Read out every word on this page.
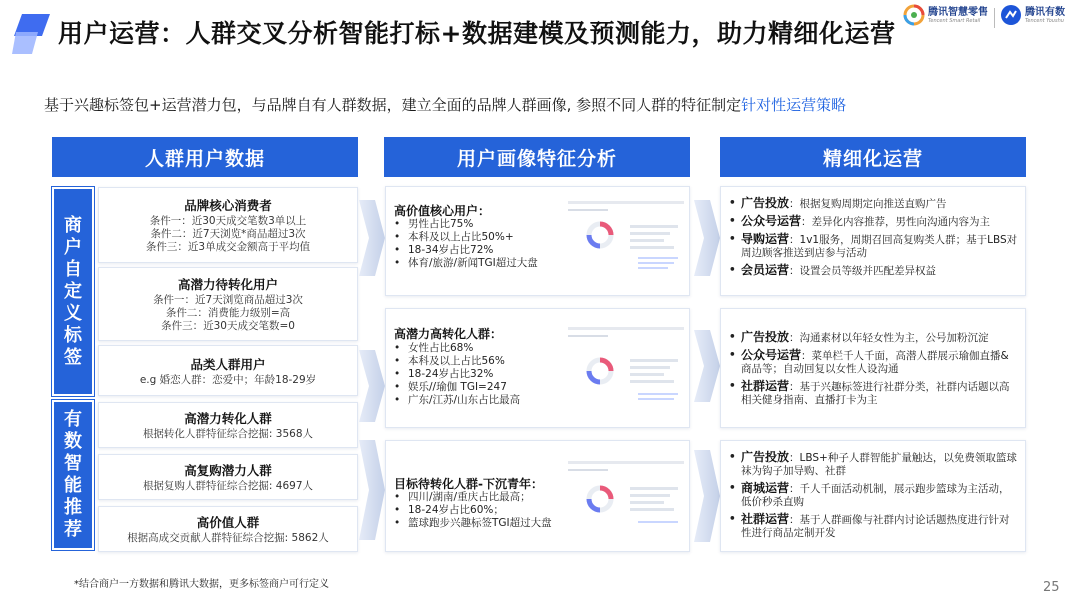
用户运营：人群交叉分析智能打标+数据建模及预测能力，助力精细化运营
腾讯智慧零售
Tencent Smart Retail
腾讯有数
Tencent Youshu
基于兴趣标签包+运营潜力包，与品牌自有人群数据，建立全面的品牌人群画像, 参照不同人群的特征制定针对性运营策略
人群用户数据	用户画像特征分析	精细化运营
商户自定义标签
有数智能推荐
品牌核心消费者
条件一：近30天成交笔数3单以上
条件二：近7天浏览*商品超过3次
条件三：近3单成交金额高于平均值
高潜力待转化用户
条件一：近7天浏览商品超过3次
条件二：消费能力级别=高
条件三：近30天成交笔数=0
品类人群用户
e.g 婚恋人群：恋爱中；年龄18-29岁
高潜力转化人群
根据转化人群特征综合挖掘: 3568人
高复购潜力人群
根据复购人群特征综合挖掘: 4697人
高价值人群
根据高成交贡献人群特征综合挖掘: 5862人
高价值核心用户：
• 男性占比75%
• 本科及以上占比50%+
• 18-34岁占比72%
• 体育/旅游/新闻TGI超过大盘
高潜力高转化人群：
• 女性占比68%
• 本科及以上占比56%
• 18-24岁占比32%
• 娱乐//瑜伽 TGI=247
• 广东/江苏/山东占比最高
目标待转化人群-下沉青年：
• 四川/湖南/重庆占比最高；
• 18-24岁占比60%；
• 篮球跑步兴趣标签TGI超过大盘
• 广告投放：根据复购周期定向推送直购广告
• 公众号运营：差异化内容推荐，男性向沟通内容为主
• 导购运营：1v1服务，周期召回高复购类人群；基于LBS对周边顾客推送到店参与活动
• 会员运营：设置会员等级并匹配差异权益
• 广告投放：沟通素材以年轻女性为主，公号加粉沉淀
• 公众号运营：菜单栏千人千面，高潜人群展示瑜伽直播&商品等；自动回复以女性人设沟通
• 社群运营：基于兴趣标签进行社群分类，社群内话题以高相关健身指南、直播打卡为主
• 广告投放：LBS+种子人群智能扩量触达，以免费领取篮球袜为钩子加导购、社群
• 商城运营：千人千面活动机制，展示跑步篮球为主活动，低价秒杀直购
• 社群运营：基于人群画像与社群内讨论话题热度进行针对性进行商品定制开发
*结合商户一方数据和腾讯大数据，更多标签商户可行定义	25
